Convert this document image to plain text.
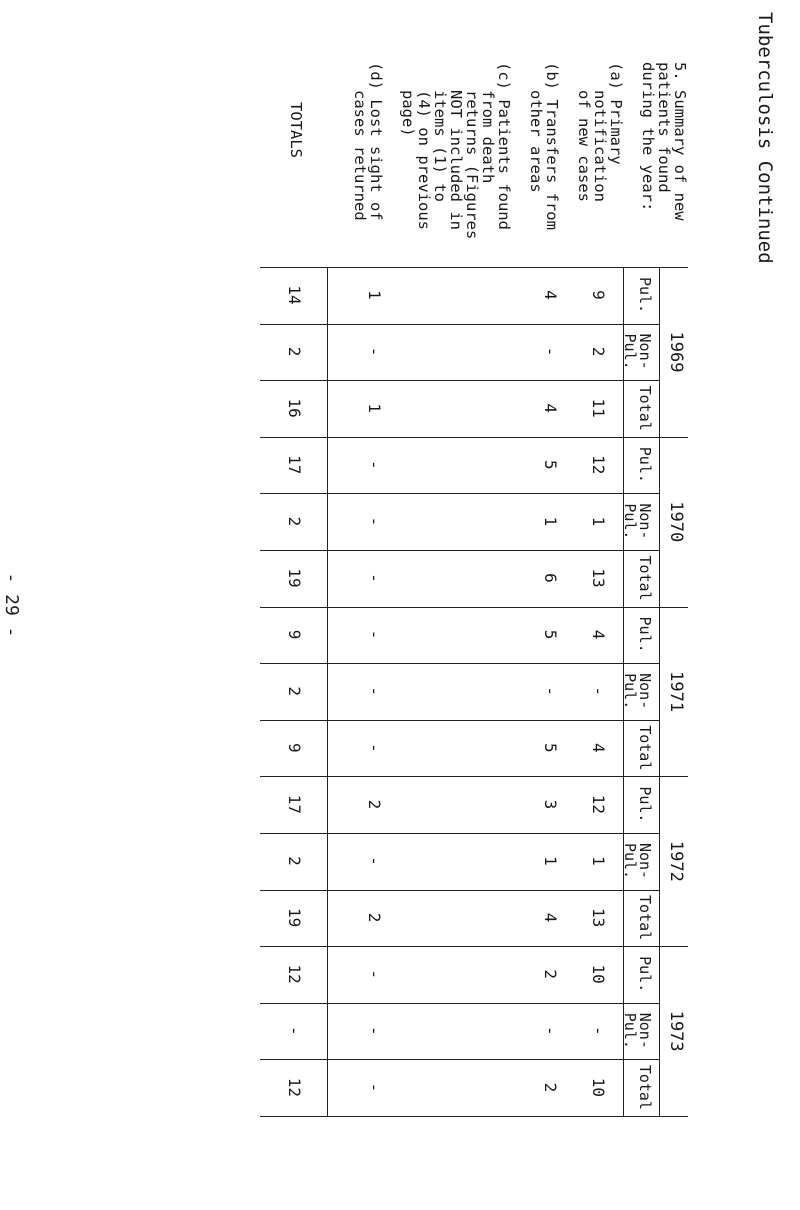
Tuberculosis Continued
5. Summary of new
patients found
during the year:
(a) Primary
notification
of new cases
(b) Transfers from
other areas
(c) Patients found
from death
returns (Figures
NOT included in
items (1) to
(4) on previous
page)
(d) Lost sight of
cases returned
TOTALS
1969
Pul.
Non-Pul.
Total
1970
Pul.
Non-Pul.
Total
1971
Pul.
Non-Pul.
Total
1972
Pul.
Non-Pul.
Total
1973
Pul.
Non-Pul.
Total
9
2
11
12
1
13
4
-
4
12
1
13
10
-
10
4
-
4
5
1
6
5
-
5
3
1
4
2
-
2
1
-
1
-
-
-
-
-
-
2
-
2
-
-
-
14
2
16
17
2
19
9
2
9
17
2
19
12
-
12
- 29 -
